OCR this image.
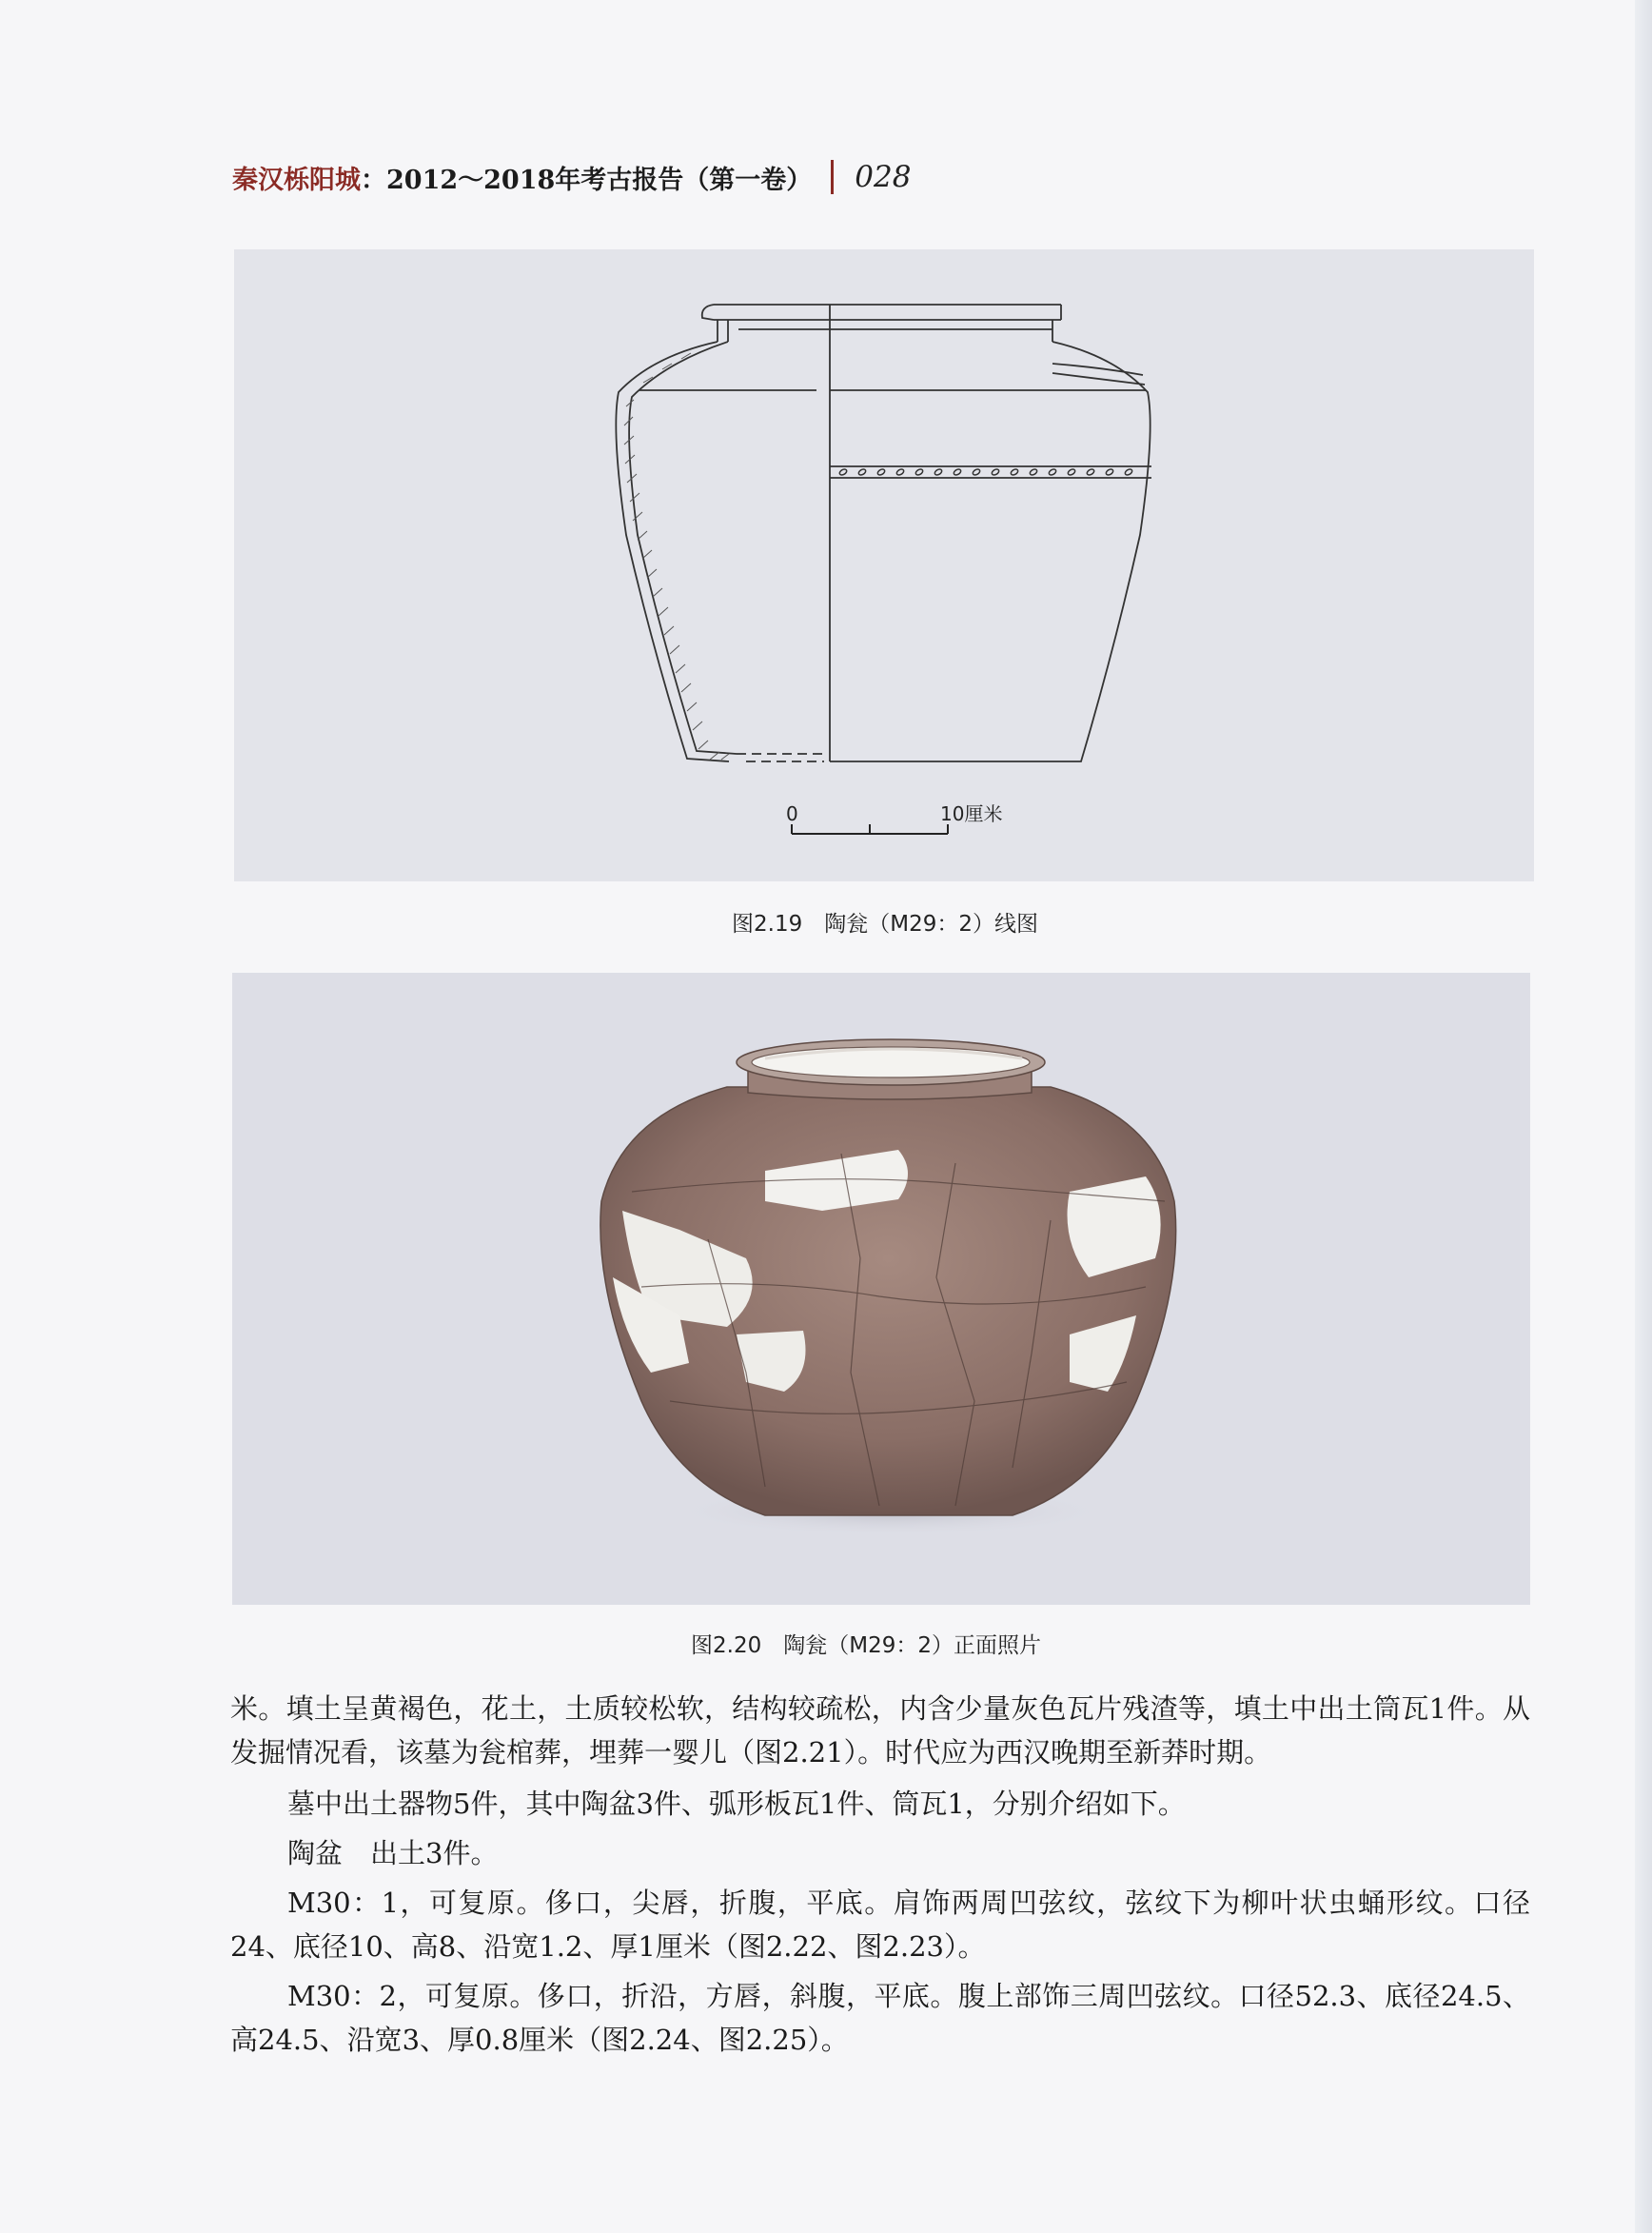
秦汉栎阳城 ：2012～2018年考古报告（第一卷） 028
0	10厘米
图2.19　陶瓮（M29：2）线图
图2.20　陶瓮（M29：2）正面照片

米。填土呈黄褐色，花土，土质较松软，结构较疏松，内含少量灰色瓦片残渣等，填土中出土筒瓦1件。从发掘情况看，该墓为瓮棺葬，埋葬一婴儿（图2.21）。时代应为西汉晚期至新莽时期。

墓中出土器物5件，其中陶盆3件、弧形板瓦1件、筒瓦1，分别介绍如下。

陶盆　出土3件。

M30：1，可复原。侈口，尖唇，折腹，平底。肩饰两周凹弦纹，弦纹下为柳叶状虫蛹形纹。口径24、底径10、高8、沿宽1.2、厚1厘米（图2.22、图2.23）。

M30：2，可复原。侈口，折沿，方唇，斜腹，平底。腹上部饰三周凹弦纹。口径52.3、底径24.5、高24.5、沿宽3、厚0.8厘米（图2.24、图2.25）。
